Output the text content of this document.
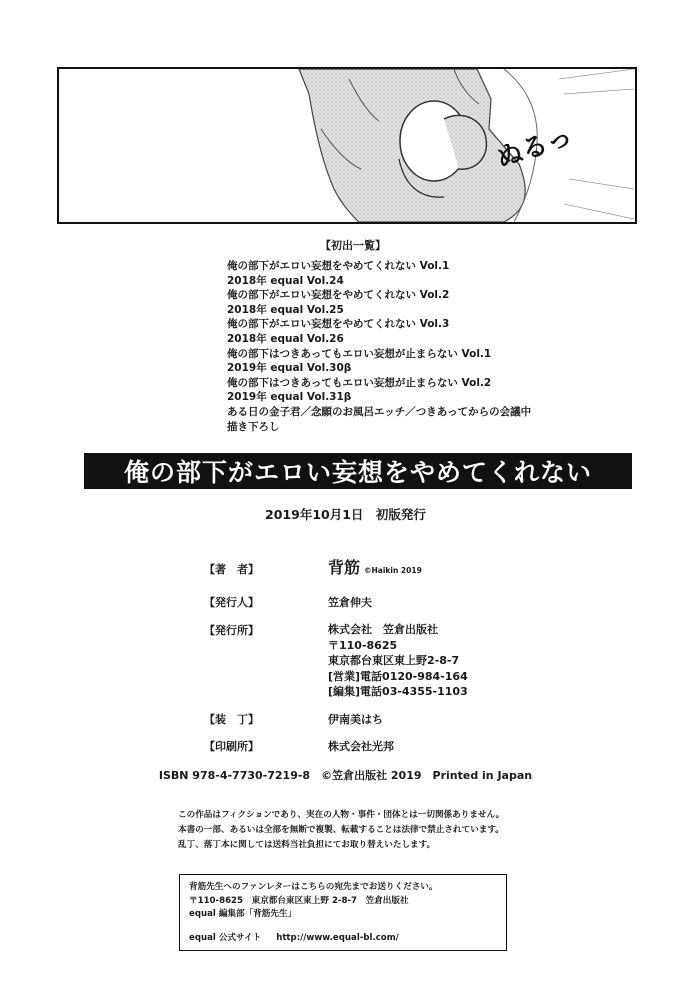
ぬるっ
【初出一覧】
俺の部下がエロい妄想をやめてくれない Vol.1
2018年 equal Vol.24
俺の部下がエロい妄想をやめてくれない Vol.2
2018年 equal Vol.25
俺の部下がエロい妄想をやめてくれない Vol.3
2018年 equal Vol.26
俺の部下はつきあってもエロい妄想が止まらない Vol.1
2019年 equal Vol.30β
俺の部下はつきあってもエロい妄想が止まらない Vol.2
2019年 equal Vol.31β
ある日の金子君／念願のお風呂エッチ／つきあってからの会議中
描き下ろし
俺の部下がエロい妄想をやめてくれない
2019年10月1日　初版発行
【著　者】	背筋 ©Haikin 2019
【発行人】	笠倉伸夫
【発行所】	株式会社　笠倉出版社
〒110-8625
東京都台東区東上野2-8-7
[営業]電話0120-984-164
[編集]電話03-4355-1103
【装　丁】	伊南美はち
【印刷所】	株式会社光邦
ISBN 978-4-7730-7219-8　©笠倉出版社 2019　Printed in Japan
この作品はフィクションであり、実在の人物・事件・団体とは一切関係ありません。
本書の一部、あるいは全部を無断で複製、転載することは法律で禁止されています。
乱丁、落丁本に関しては送料当社負担にてお取り替えいたします。
背筋先生へのファンレターはこちらの宛先までお送りください。
〒110-8625　東京都台東区東上野 2-8-7　笠倉出版社
equal 編集部「背筋先生」
equal 公式サイト http://www.equal-bl.com/
